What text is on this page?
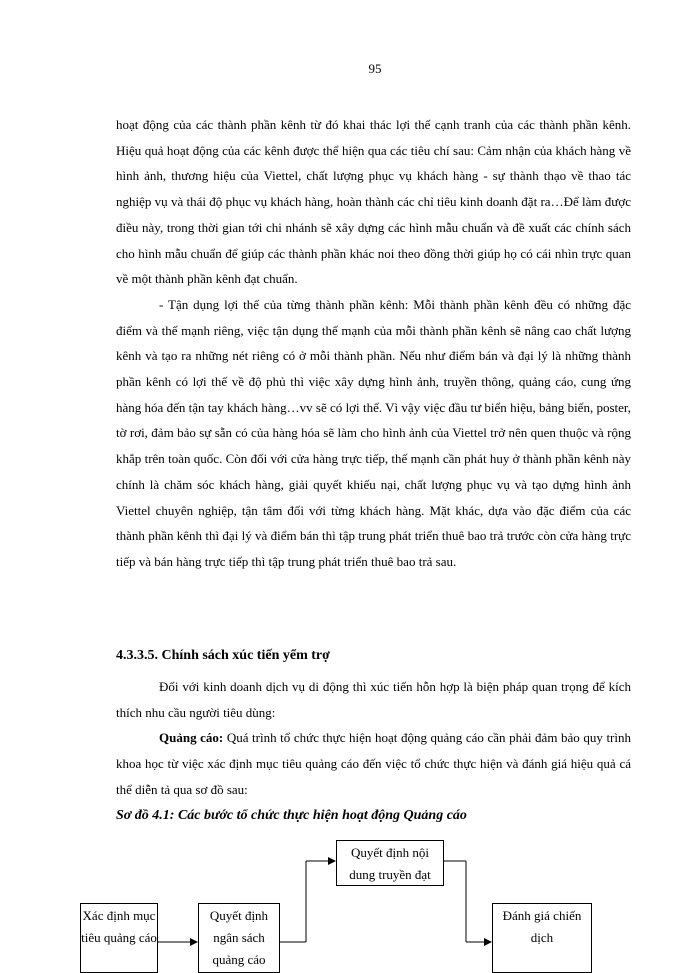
95

hoạt động của các thành phần kênh từ đó khai thác lợi thế cạnh tranh của các thành phần kênh. Hiệu quả hoạt động của các kênh được thể hiện qua các tiêu chí sau: Cảm nhận của khách hàng về hình ảnh, thương hiệu của Viettel, chất lượng phục vụ khách hàng - sự thành thạo về thao tác nghiệp vụ và thái độ phục vụ khách hàng, hoàn thành các chỉ tiêu kinh doanh đặt ra…Để làm được điều này, trong thời gian tới chi nhánh sẽ xây dựng các hình mẫu chuẩn và đề xuất các chính sách cho hình mẫu chuẩn để giúp các thành phần khác noi theo đồng thời giúp họ có cái nhìn trực quan về một thành phần kênh đạt chuẩn.

- Tận dụng lợi thế của từng thành phần kênh: Mỗi thành phần kênh đều có những đặc điểm và thế mạnh riêng, việc tận dụng thế mạnh của mỗi thành phần kênh sẽ nâng cao chất lượng kênh và tạo ra những nét riêng có ở mỗi thành phần. Nếu như điểm bán và đại lý là những thành phần kênh có lợi thế về độ phủ thì việc xây dựng hình ảnh, truyền thông, quảng cáo, cung ứng hàng hóa đến tận tay khách hàng…vv sẽ có lợi thế. Vì vậy việc đầu tư biển hiệu, bảng biển, poster, tờ rơi, đảm bảo sự sẵn có của hàng hóa sẽ làm cho hình ảnh của Viettel trở nên quen thuộc và rộng khắp trên toàn quốc. Còn đối với cửa hàng trực tiếp, thế mạnh cần phát huy ở thành phần kênh này chính là chăm sóc khách hàng, giải quyết khiếu nại, chất lượng phục vụ và tạo dựng hình ảnh Viettel chuyên nghiệp, tận tâm đối với từng khách hàng. Mặt khác, dựa vào đặc điểm của các thành phần kênh thì đại lý và điểm bán thì tập trung phát triển thuê bao trả trước còn cửa hàng trực tiếp và bán hàng trực tiếp thì tập trung phát triển thuê bao trả sau.

4.3.3.5. Chính sách xúc tiến yểm trợ

Đối với kinh doanh dịch vụ di động thì xúc tiến hỗn hợp là biện pháp quan trọng để kích thích nhu cầu người tiêu dùng:

Quảng cáo: Quá trình tổ chức thực hiện hoạt động quảng cáo cần phải đảm bảo quy trình khoa học từ việc xác định mục tiêu quảng cáo đến việc tổ chức thực hiện và đánh giá hiệu quả cá thể diễn tả qua sơ đồ sau:

Sơ đồ 4.1: Các bước tổ chức thực hiện hoạt động Quảng cáo
Xác định mục tiêu quảng cáo
Quyết định ngân sách quảng cáo
Quyết định nội dung truyền đạt
Đánh giá chiến dịch
